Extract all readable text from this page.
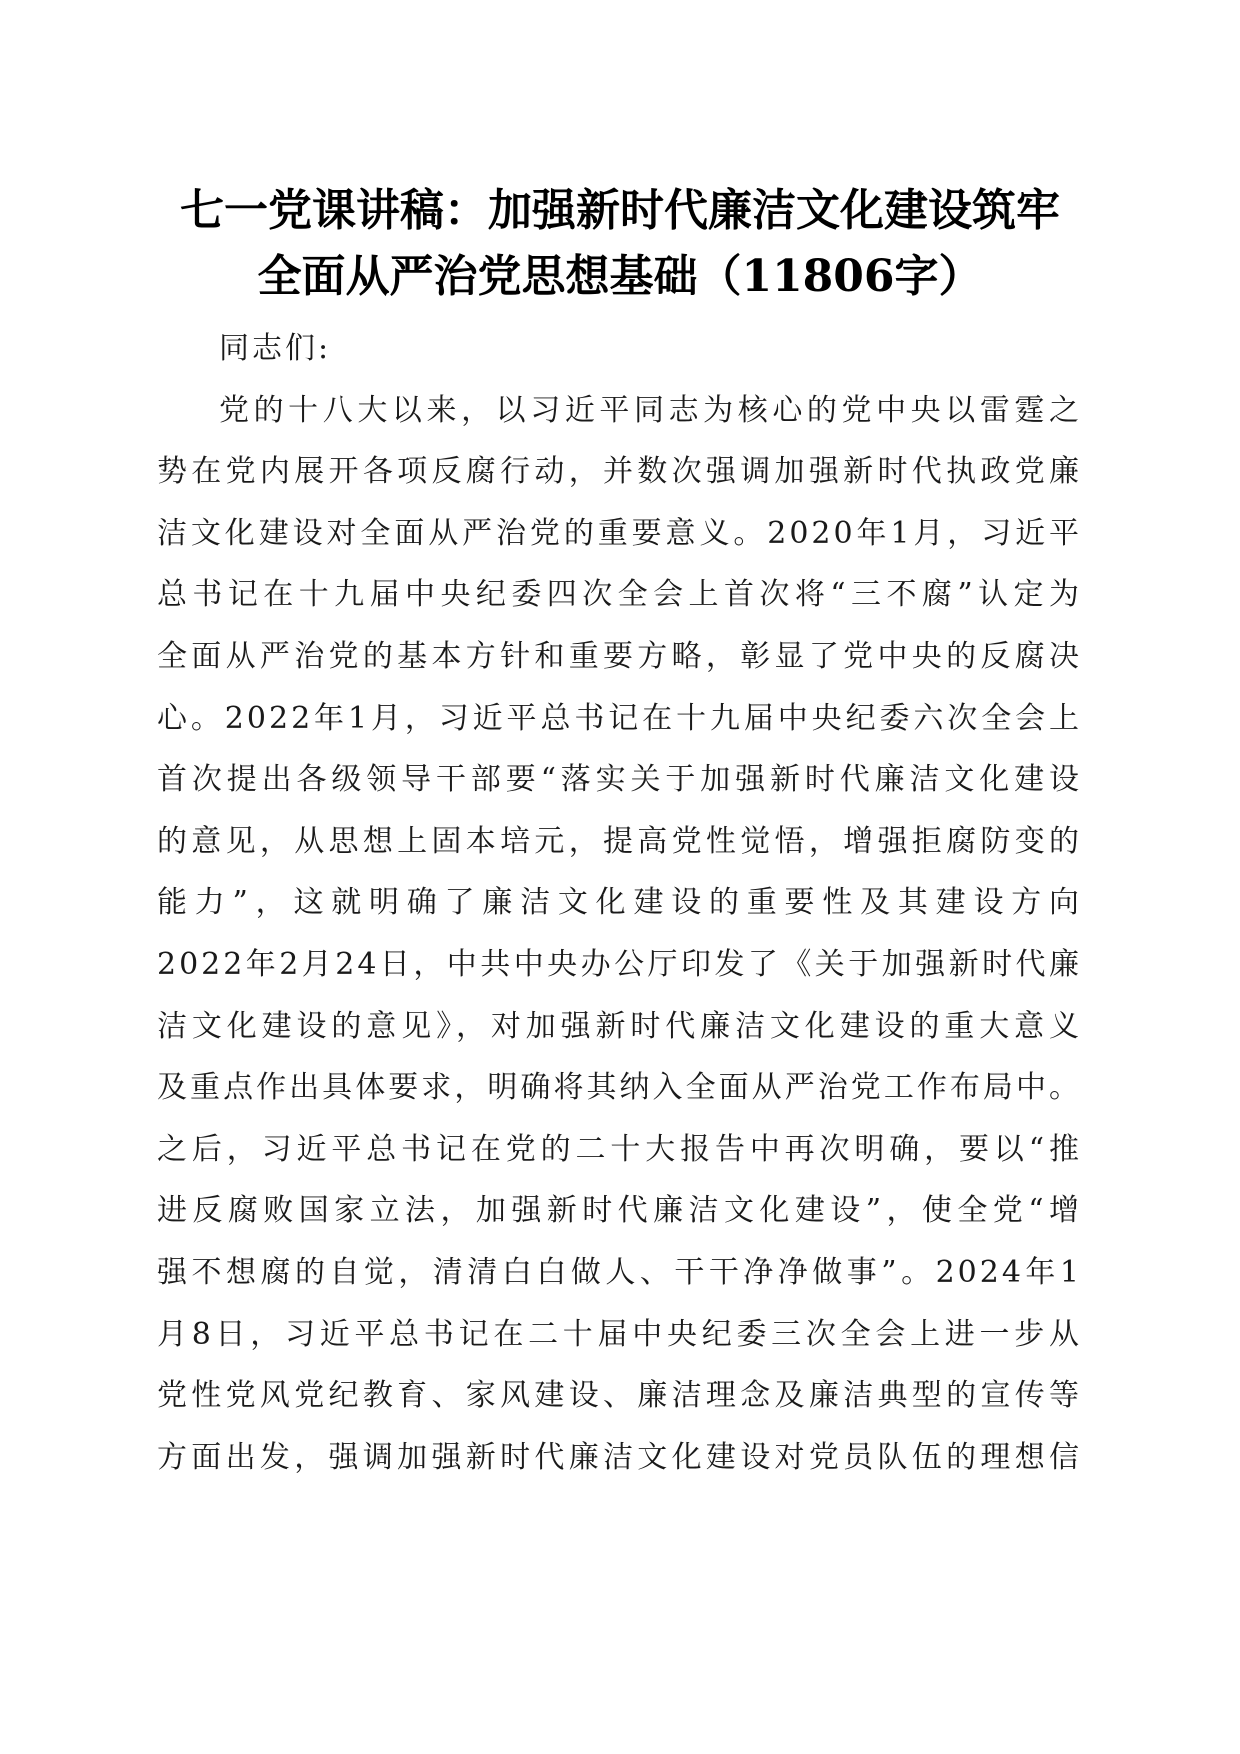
七一党课讲稿：加强新时代廉洁文化建设筑牢
全面从严治党思想基础（11806字）
同志们:
党的十八大以来，以习近平同志为核心的党中央以雷霆之
势在党内展开各项反腐行动，并数次强调加强新时代执政党廉
洁文化建设对全面从严治党的重要意义。2020年1月，习近平
总书记在十九届中央纪委四次全会上首次将“三不腐”认定为
全面从严治党的基本方针和重要方略，彰显了党中央的反腐决
心。2022年1月，习近平总书记在十九届中央纪委六次全会上
首次提出各级领导干部要“落实关于加强新时代廉洁文化建设
的意见，从思想上固本培元，提高党性觉悟，增强拒腐防变的
能力”，这就明确了廉洁文化建设的重要性及其建设方向
2022年2月24日，中共中央办公厅印发了《关于加强新时代廉
洁文化建设的意见》，对加强新时代廉洁文化建设的重大意义
及重点作出具体要求，明确将其纳入全面从严治党工作布局中。
之后，习近平总书记在党的二十大报告中再次明确，要以“推
进反腐败国家立法，加强新时代廉洁文化建设”，使全党“增
强不想腐的自觉，清清白白做人、干干净净做事”。2024年1
月8日，习近平总书记在二十届中央纪委三次全会上进一步从
党性党风党纪教育、家风建设、廉洁理念及廉洁典型的宣传等
方面出发，强调加强新时代廉洁文化建设对党员队伍的理想信
